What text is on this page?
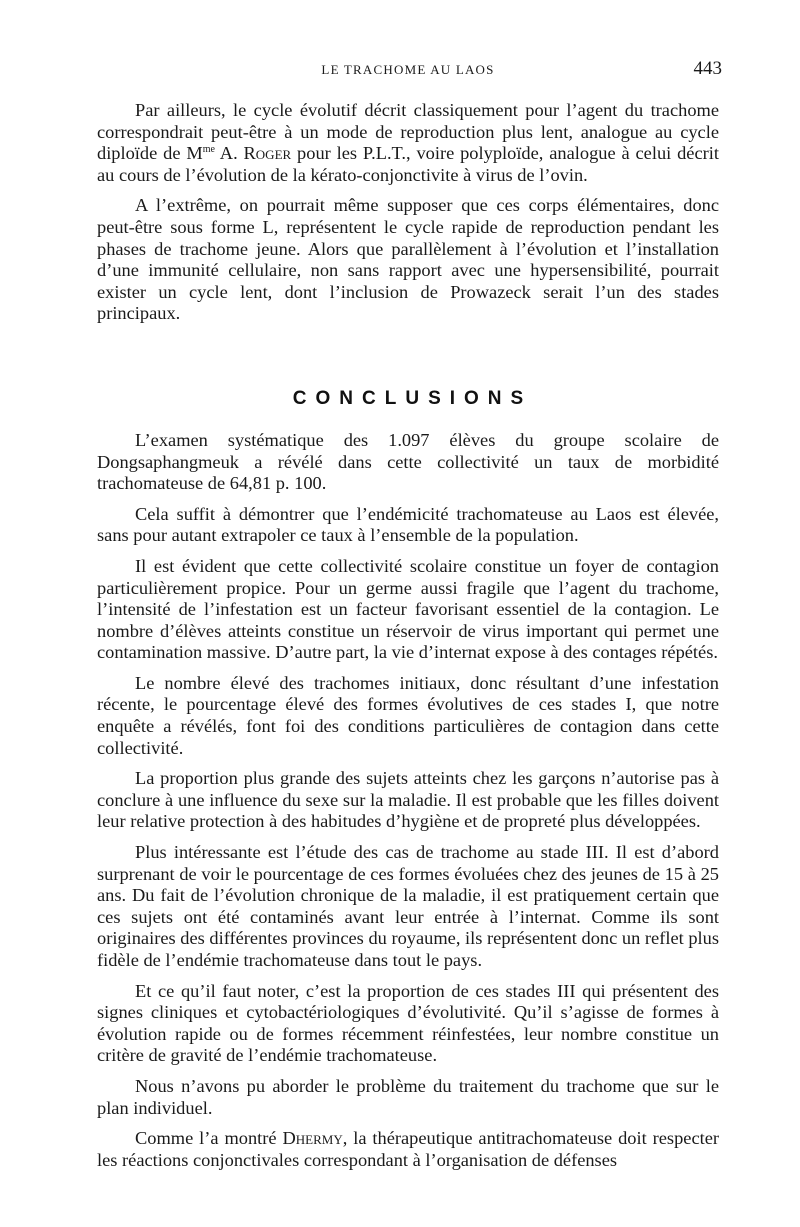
LE TRACHOME AU LAOS	443

Par ailleurs, le cycle évolutif décrit classiquement pour l’agent du trachome correspondrait peut-être à un mode de reproduction plus lent, analogue au cycle diploïde de $M^{me}$ A. Roger pour les P.L.T., voire polyploïde, analogue à celui décrit au cours de l’évolution de la kérato-conjonctivite à virus de l’ovin.

A l’extrême, on pourrait même supposer que ces corps élémentaires, donc peut-être sous forme L, représentent le cycle rapide de reproduction pendant les phases de trachome jeune. Alors que parallèlement à l’évolution et l’installation d’une immunité cellulaire, non sans rapport avec une hypersensibilité, pourrait exister un cycle lent, dont l’inclusion de Prowazeck serait l’un des stades principaux.

CONCLUSIONS

L’examen systématique des 1.097 élèves du groupe scolaire de Dongsaphangmeuk a révélé dans cette collectivité un taux de morbidité trachomateuse de 64,81 p. 100.

Cela suffit à démontrer que l’endémicité trachomateuse au Laos est élevée, sans pour autant extrapoler ce taux à l’ensemble de la population.

Il est évident que cette collectivité scolaire constitue un foyer de contagion particulièrement propice. Pour un germe aussi fragile que l’agent du trachome, l’intensité de l’infestation est un facteur favorisant essentiel de la contagion. Le nombre d’élèves atteints constitue un réservoir de virus important qui permet une contamination massive. D’autre part, la vie d’internat expose à des contages répétés.

Le nombre élevé des trachomes initiaux, donc résultant d’une infestation récente, le pourcentage élevé des formes évolutives de ces stades I, que notre enquête a révélés, font foi des conditions particulières de contagion dans cette collectivité.

La proportion plus grande des sujets atteints chez les garçons n’autorise pas à conclure à une influence du sexe sur la maladie. Il est probable que les filles doivent leur relative protection à des habitudes d’hygiène et de propreté plus développées.

Plus intéressante est l’étude des cas de trachome au stade III. Il est d’abord surprenant de voir le pourcentage de ces formes évoluées chez des jeunes de 15 à 25 ans. Du fait de l’évolution chronique de la maladie, il est pratiquement certain que ces sujets ont été contaminés avant leur entrée à l’internat. Comme ils sont originaires des différentes provinces du royaume, ils représentent donc un reflet plus fidèle de l’endémie trachomateuse dans tout le pays.

Et ce qu’il faut noter, c’est la proportion de ces stades III qui présentent des signes cliniques et cytobactériologiques d’évolutivité. Qu’il s’agisse de formes à évolution rapide ou de formes récemment réinfestées, leur nombre constitue un critère de gravité de l’endémie trachomateuse.

Nous n’avons pu aborder le problème du traitement du trachome que sur le plan individuel.

Comme l’a montré Dhermy, la thérapeutique antitrachomateuse doit respecter les réactions conjonctivales correspondant à l’organisation de défenses
